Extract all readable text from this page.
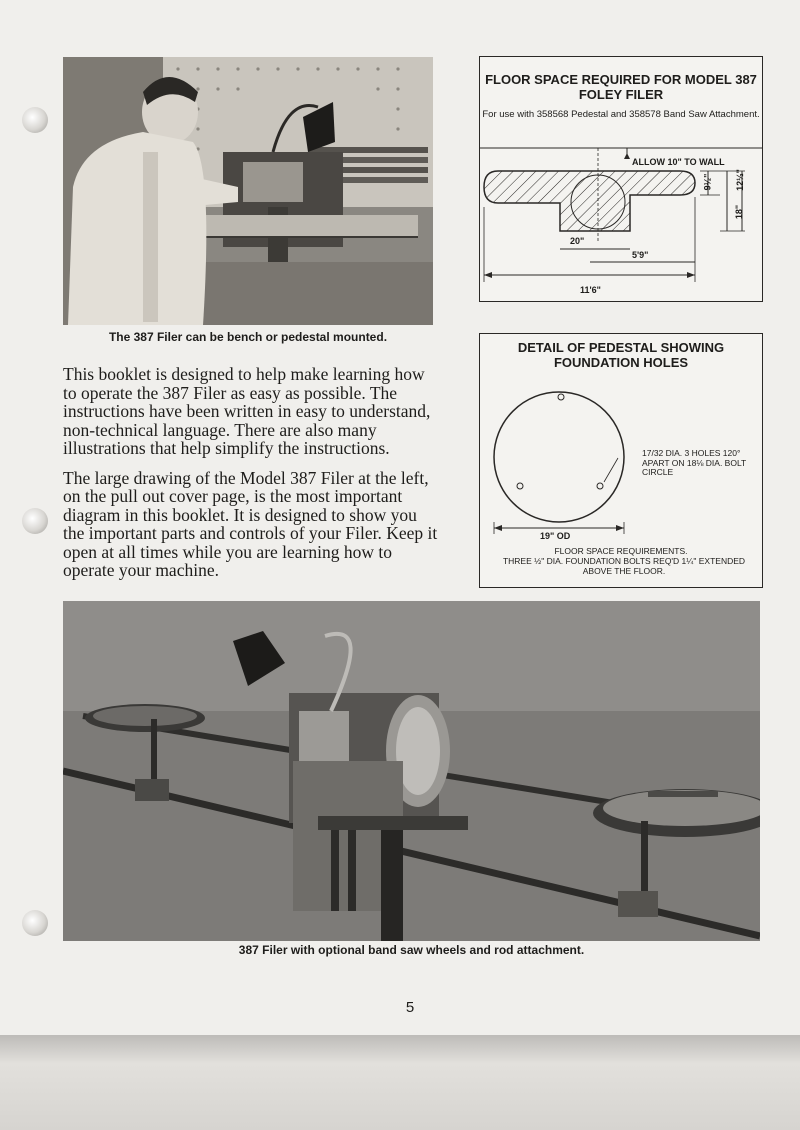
The 387 Filer can be bench or pedestal mounted.

This booklet is designed to help make learning how to operate the 387 Filer as easy as possible. The instructions have been written in easy to understand, non-technical language. There are also many illustrations that help simplify the instructions.

The large drawing of the Model 387 Filer at the left, on the pull out cover page, is the most important diagram in this booklet. It is designed to show you the important parts and controls of your Filer. Keep it open at all times while you are learning how to operate your machine.

FLOOR SPACE REQUIRED FOR MODEL 387 FOLEY FILER
For use with 358568 Pedestal and 358578 Band Saw Attachment.
ALLOW 10" TO WALL
9½"	12½"
18"
20"
5'9"
11'6"
DETAIL OF PEDESTAL SHOWING FOUNDATION HOLES
17/32 DIA. 3 HOLES 120° APART ON 18⅛ DIA. BOLT CIRCLE
19" OD
FLOOR SPACE REQUIREMENTS.
THREE ½" DIA. FOUNDATION BOLTS REQ'D 1¼" EXTENDED ABOVE THE FLOOR.
387 Filer with optional band saw wheels and rod attachment.
5
